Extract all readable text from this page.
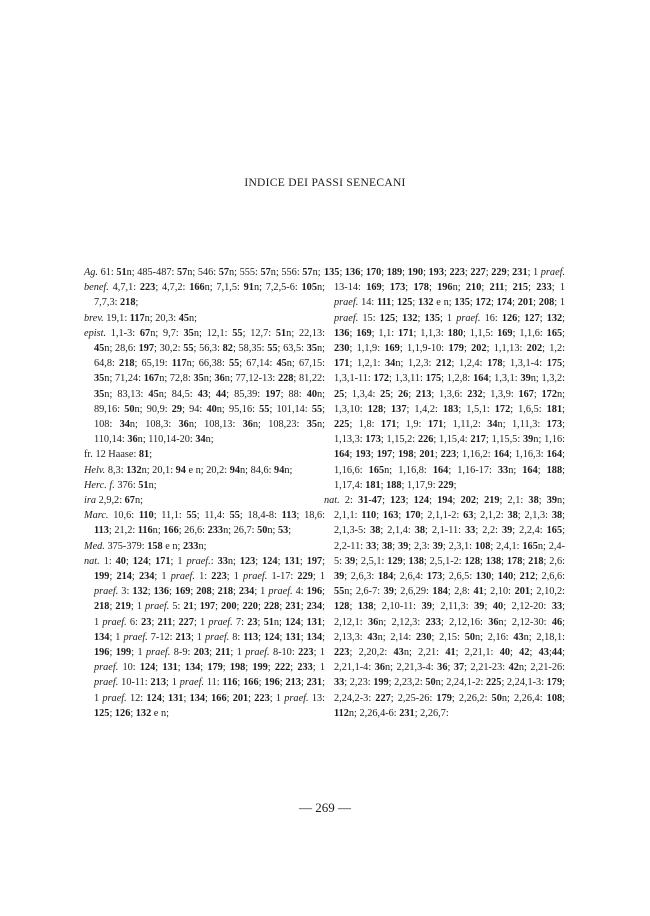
INDICE DEI PASSI SENECANI
Ag. 61: 51n; 485-487: 57n; 546: 57n; 555: 57n; 556: 57n;
benef. 4,7,1: 223; 4,7,2: 166n; 7,1,5: 91n; 7,2,5-6: 105n; 7,7,3: 218;
brev. 19,1: 117n; 20,3: 45n;
epist. 1,1-3: 67n; 9,7: 35n; 12,1: 55; 12,7: 51n; 22,13: 45n; 28,6: 197; 30,2: 55; 56,3: 82; 58,35: 55; 63,5: 35n; 64,8: 218; 65,19: 117n; 66,38: 55; 67,14: 45n; 67,15: 35n; 71,24: 167n; 72,8: 35n; 36n; 77,12-13: 228; 81,22: 35n; 83,13: 45n; 84,5: 43; 44; 85,39: 197; 88: 40n; 89,16: 50n; 90,9: 29; 94: 40n; 95,16: 55; 101,14: 55; 108: 34n; 108,3: 36n; 108,13: 36n; 108,23: 35n; 110,14: 36n; 110,14-20: 34n;
fr. 12 Haase: 81;
Helv. 8,3: 132n; 20,1: 94 e n; 20,2: 94n; 84,6: 94n;
Herc. f. 376: 51n;
ira 2,9,2: 67n;
Marc. 10,6: 110; 11,1: 55; 11,4: 55; 18,4-8: 113; 18,6: 113; 21,2: 116n; 166; 26,6: 233n; 26,7: 50n; 53;
Med. 375-379: 158 e n; 233n;
nat. 1: 40; 124; 171; 1 praef.: 33n; 123; 124; 131; 197; 199; 214; 234; 1 praef. 1: 223; 1 praef. 1-17: 229; 1 praef. 3: 132; 136; 169; 208; 218; 234; 1 praef. 4: 196; 218; 219; 1 praef. 5: 21; 197; 200; 220; 228; 231; 234; 1 praef. 6: 23; 211; 227; 1 praef. 7: 23; 51n; 124; 131; 134; 1 praef. 7-12: 213; 1 praef. 8: 113; 124; 131; 134; 196; 199; 1 praef. 8-9: 203; 211; 1 praef. 8-10: 223; 1 praef. 10: 124; 131; 134; 179; 198; 199; 222; 233; 1 praef. 10-11: 213; 1 praef. 11: 116; 166; 196; 213; 231; 1 praef. 12: 124; 131; 134; 166; 201; 223; 1 praef. 13: 125; 126; 132 e n;
135; 136; 170; 189; 190; 193; 223; 227; 229; 231; 1 praef. 13-14: 169; 173; 178; 196n; 210; 211; 215; 233; 1 praef. 14: 111; 125; 132 e n; 135; 172; 174; 201; 208; 1 praef. 15: 125; 132; 135; 1 praef. 16: 126; 127; 132; 136; 169; 1,1: 171; 1,1,3: 180; 1,1,5: 169; 1,1,6: 165; 230; 1,1,9: 169; 1,1,9-10: 179; 202; 1,1,13: 202; 1,2: 171; 1,2,1: 34n; 1,2,3: 212; 1,2,4: 178; 1,3,1-4: 175; 1,3,1-11: 172; 1,3,11: 175; 1,2,8: 164; 1,3,1: 39n; 1,3,2: 25; 1,3,4: 25; 26; 213; 1,3,6: 232; 1,3,9: 167; 172n; 1,3,10: 128; 137; 1,4,2: 183; 1,5,1: 172; 1,6,5: 181; 225; 1,8: 171; 1,9: 171; 1,11,2: 34n; 1,11,3: 173; 1,13,3: 173; 1,15,2: 226; 1,15,4: 217; 1,15,5: 39n; 1,16: 164; 193; 197; 198; 201; 223; 1,16,2: 164; 1,16,3: 164; 1,16,6: 165n; 1,16,8: 164; 1,16-17: 33n; 164; 188; 1,17,4: 181; 188; 1,17,9: 229;
nat. 2: 31-47; 123; 124; 194; 202; 219; 2,1: 38; 39n; 2,1,1: 110; 163; 170; 2,1,1-2: 63; 2,1,2: 38; 2,1,3: 38; 2,1,3-5: 38; 2,1,4: 38; 2,1-11: 33; 2,2: 39; 2,2,4: 165; 2,2-11: 33; 38; 39; 2,3: 39; 2,3,1: 108; 2,4,1: 165n; 2,4-5: 39; 2,5,1: 129; 138; 2,5,1-2: 128; 138; 178; 218; 2,6: 39; 2,6,3: 184; 2,6,4: 173; 2,6,5: 130; 140; 212; 2,6,6: 55n; 2,6-7: 39; 2,6,29: 184; 2,8: 41; 2,10: 201; 2,10,2: 128; 138; 2,10-11: 39; 2,11,3: 39; 40; 2,12-20: 33; 2,12,1: 36n; 2,12,3: 233; 2,12,16: 36n; 2,12-30: 46; 2,13,3: 43n; 2,14: 230; 2,15: 50n; 2,16: 43n; 2,18,1: 223; 2,20,2: 43n; 2,21: 41; 2,21,1: 40; 42; 43;44; 2,21,1-4: 36n; 2,21,3-4: 36; 37; 2,21-23: 42n; 2,21-26: 33; 2,23: 199; 2,23,2: 50n; 2,24,1-2: 225; 2,24,1-3: 179; 2,24,2-3: 227; 2,25-26: 179; 2,26,2: 50n; 2,26,4: 108; 112n; 2,26,4-6: 231; 2,26,7:
— 269 —
